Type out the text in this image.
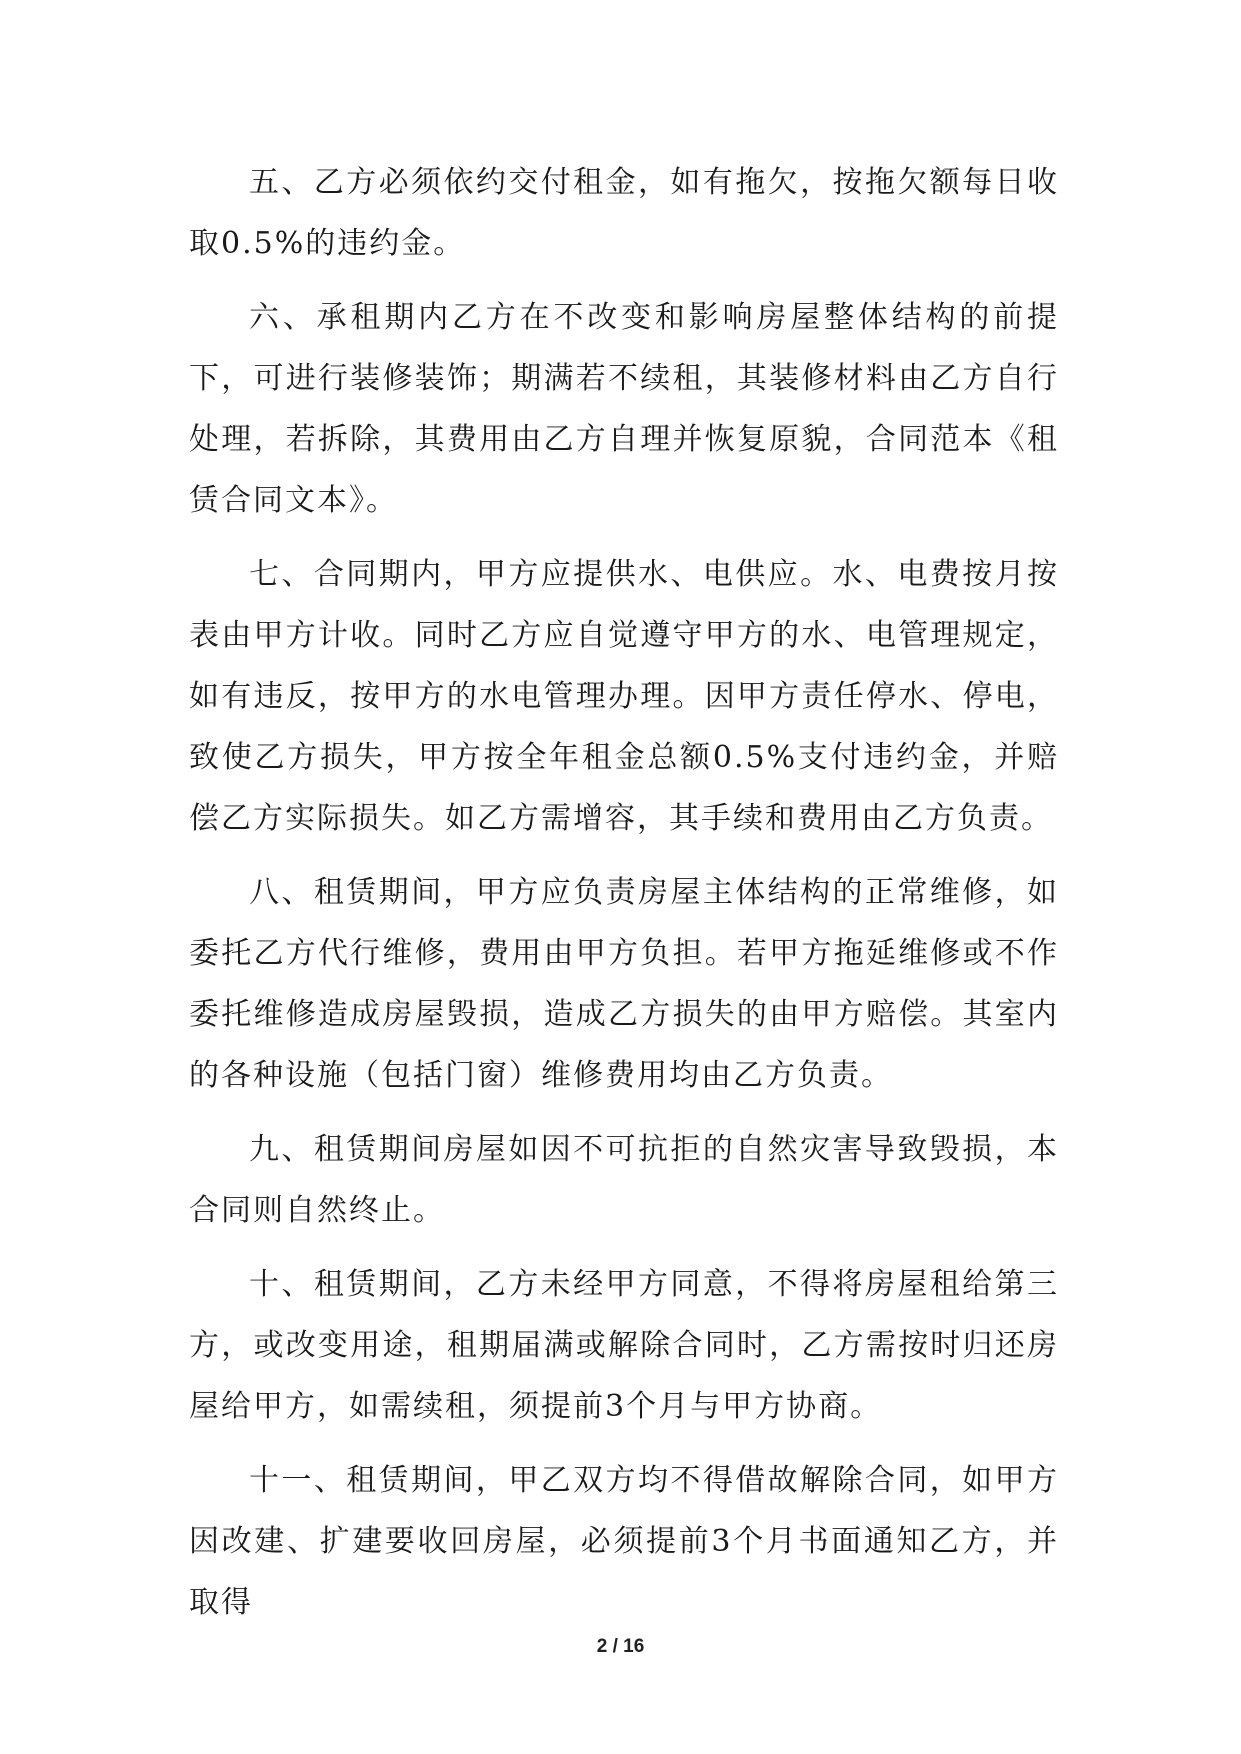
五、乙方必须依约交付租金，如有拖欠，按拖欠额每日收取0.5%的违约金。

六、承租期内乙方在不改变和影响房屋整体结构的前提下，可进行装修装饰；期满若不续租，其装修材料由乙方自行处理，若拆除，其费用由乙方自理并恢复原貌，合同范本《租赁合同文本》。

七、合同期内，甲方应提供水、电供应。水、电费按月按表由甲方计收。同时乙方应自觉遵守甲方的水、电管理规定，如有违反，按甲方的水电管理办理。因甲方责任停水、停电，致使乙方损失，甲方按全年租金总额0.5%支付违约金，并赔偿乙方实际损失。如乙方需增容，其手续和费用由乙方负责。

八、租赁期间，甲方应负责房屋主体结构的正常维修，如委托乙方代行维修，费用由甲方负担。若甲方拖延维修或不作委托维修造成房屋毁损，造成乙方损失的由甲方赔偿。其室内的各种设施（包括门窗）维修费用均由乙方负责。

九、租赁期间房屋如因不可抗拒的自然灾害导致毁损，本合同则自然终止。

十、租赁期间，乙方未经甲方同意，不得将房屋租给第三方，或改变用途，租期届满或解除合同时，乙方需按时归还房屋给甲方，如需续租，须提前3个月与甲方协商。

十一、租赁期间，甲乙双方均不得借故解除合同，如甲方因改建、扩建要收回房屋，必须提前3个月书面通知乙方，并取得

2 / 16
